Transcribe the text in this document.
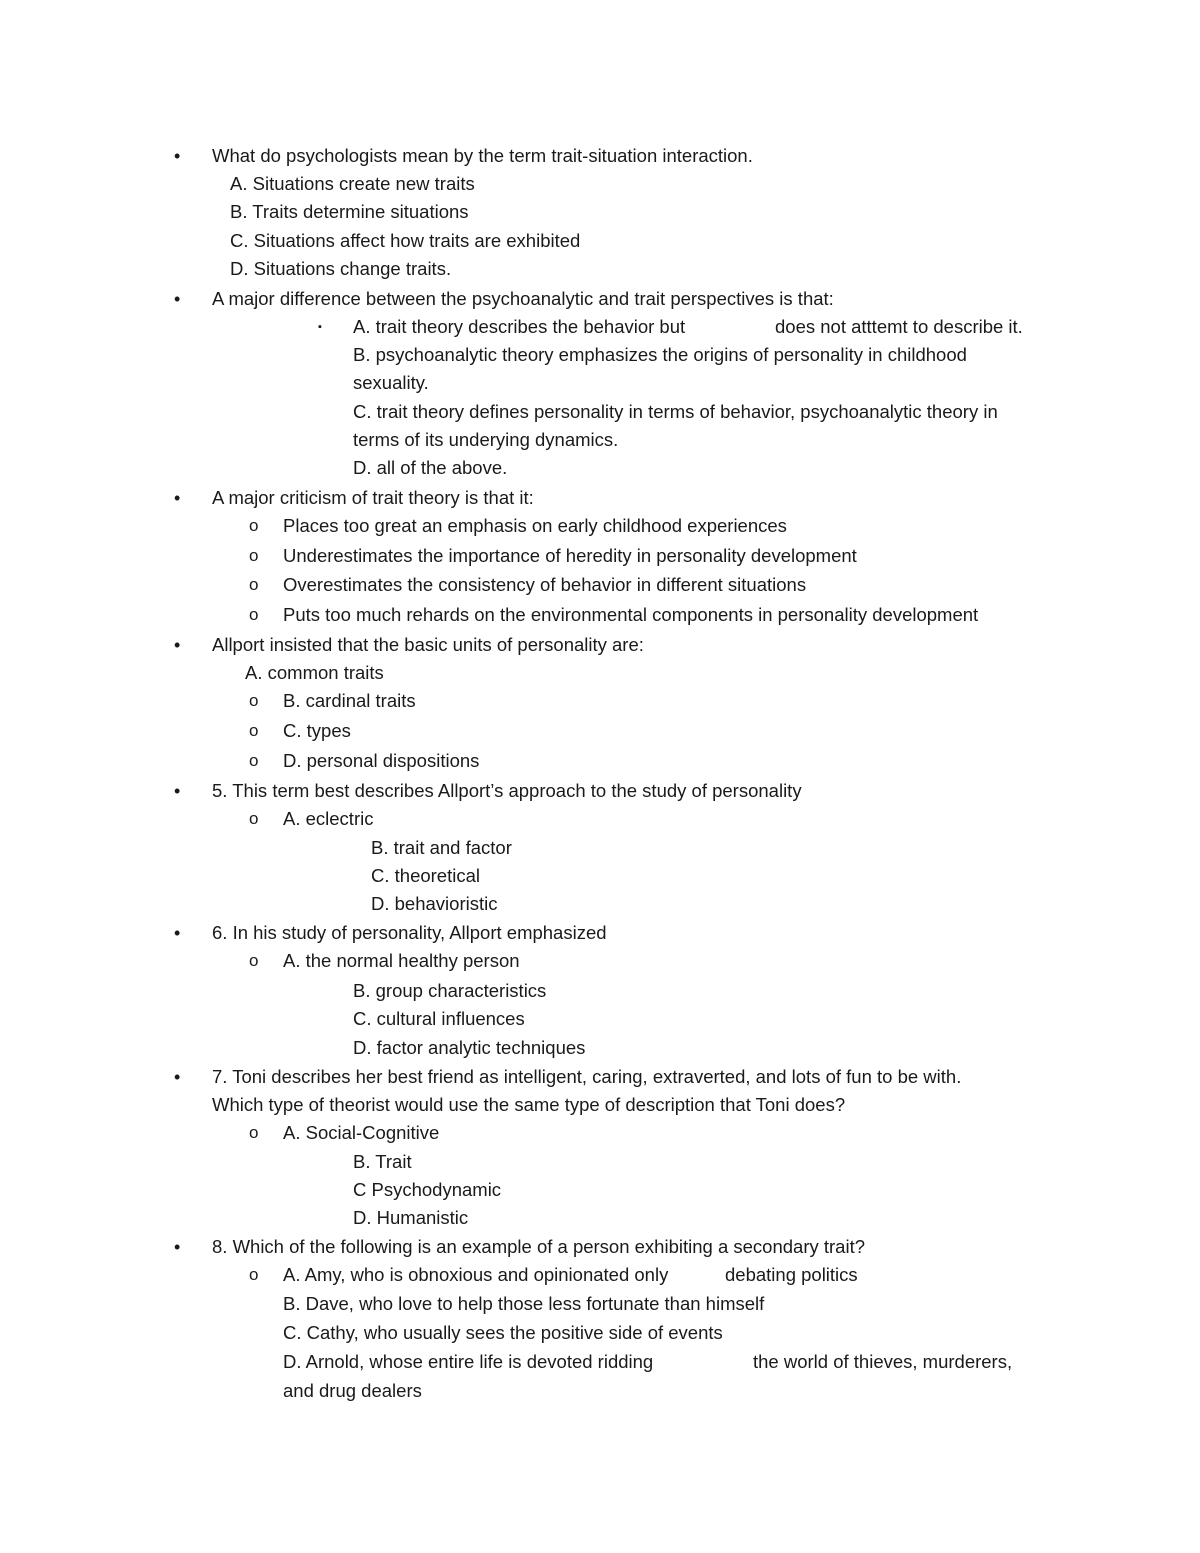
• What do psychologists mean by the term trait-situation interaction.
A. Situations create new traits
B. Traits determine situations
C. Situations affect how traits are exhibited
D. Situations change traits.
• A major difference between the psychoanalytic and trait perspectives is that:
▪ A. trait theory describes the behavior but	does not atttemt to describe it.
B. psychoanalytic theory emphasizes the origins of personality in childhood
sexuality.
C. trait theory defines personality in terms of behavior, psychoanalytic theory in
terms of its underying dynamics.
D. all of the above.
• A major criticism of trait theory is that it:
o Places too great an emphasis on early childhood experiences
o Underestimates the importance of heredity in personality development
o Overestimates the consistency of behavior in different situations
o Puts too much rehards on the environmental components in personality development
• Allport insisted that the basic units of personality are:
A. common traits
o B. cardinal traits
o C. types
o D. personal dispositions
• 5. This term best describes Allport’s approach to the study of personality
o A. eclectric
B. trait and factor
C. theoretical
D. behavioristic
• 6. In his study of personality, Allport emphasized
o A. the normal healthy person
B. group characteristics
C. cultural influences
D. factor analytic techniques
• 7. Toni describes her best friend as intelligent, caring, extraverted, and lots of fun to be with.
Which type of theorist would use the same type of description that Toni does?
o A. Social-Cognitive
B. Trait
C Psychodynamic
D. Humanistic
• 8. Which of the following is an example of a person exhibiting a secondary trait?
o A. Amy, who is obnoxious and opinionated only	debating politics
B. Dave, who love to help those less fortunate than himself
C. Cathy, who usually sees the positive side of events
D. Arnold, whose entire life is devoted ridding	the world of thieves, murderers,
and drug dealers
